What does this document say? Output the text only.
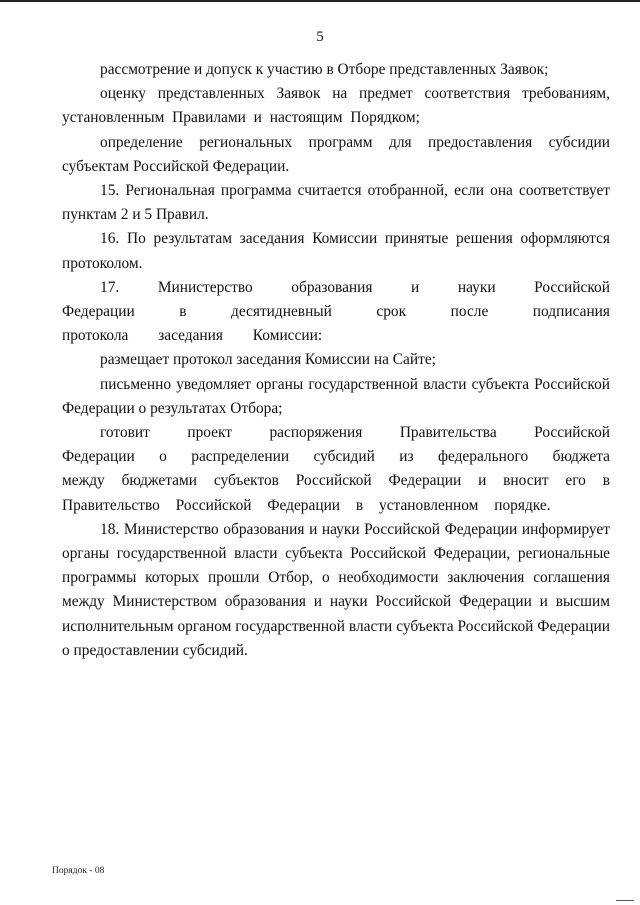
5

рассмотрение и допуск к участию в Отборе представленных Заявок;

оценку представленных Заявок на предмет соответствия требованиям, установленным Правилами и настоящим Порядком;

определение региональных программ для предоставления субсидии субъектам Российской Федерации.

15. Региональная программа считается отобранной, если она соответствует пунктам 2 и 5 Правил.

16. По результатам заседания Комиссии принятые решения оформляются протоколом.

17. Министерство образования и науки Российской Федерации в десятидневный срок после подписания протокола заседания Комиссии:

размещает протокол заседания Комиссии на Сайте;

письменно уведомляет органы государственной власти субъекта Российской Федерации о результатах Отбора;

готовит проект распоряжения Правительства Российской Федерации о распределении субсидий из федерального бюджета между бюджетами субъектов Российской Федерации и вносит его в Правительство Российской Федерации в установленном порядке.

18. Министерство образования и науки Российской Федерации информирует органы государственной власти субъекта Российской Федерации, региональные программы которых прошли Отбор, о необходимости заключения соглашения между Министерством образования и науки Российской Федерации и высшим исполнительным органом государственной власти субъекта Российской Федерации о предоставлении субсидий.

Порядок - 08
